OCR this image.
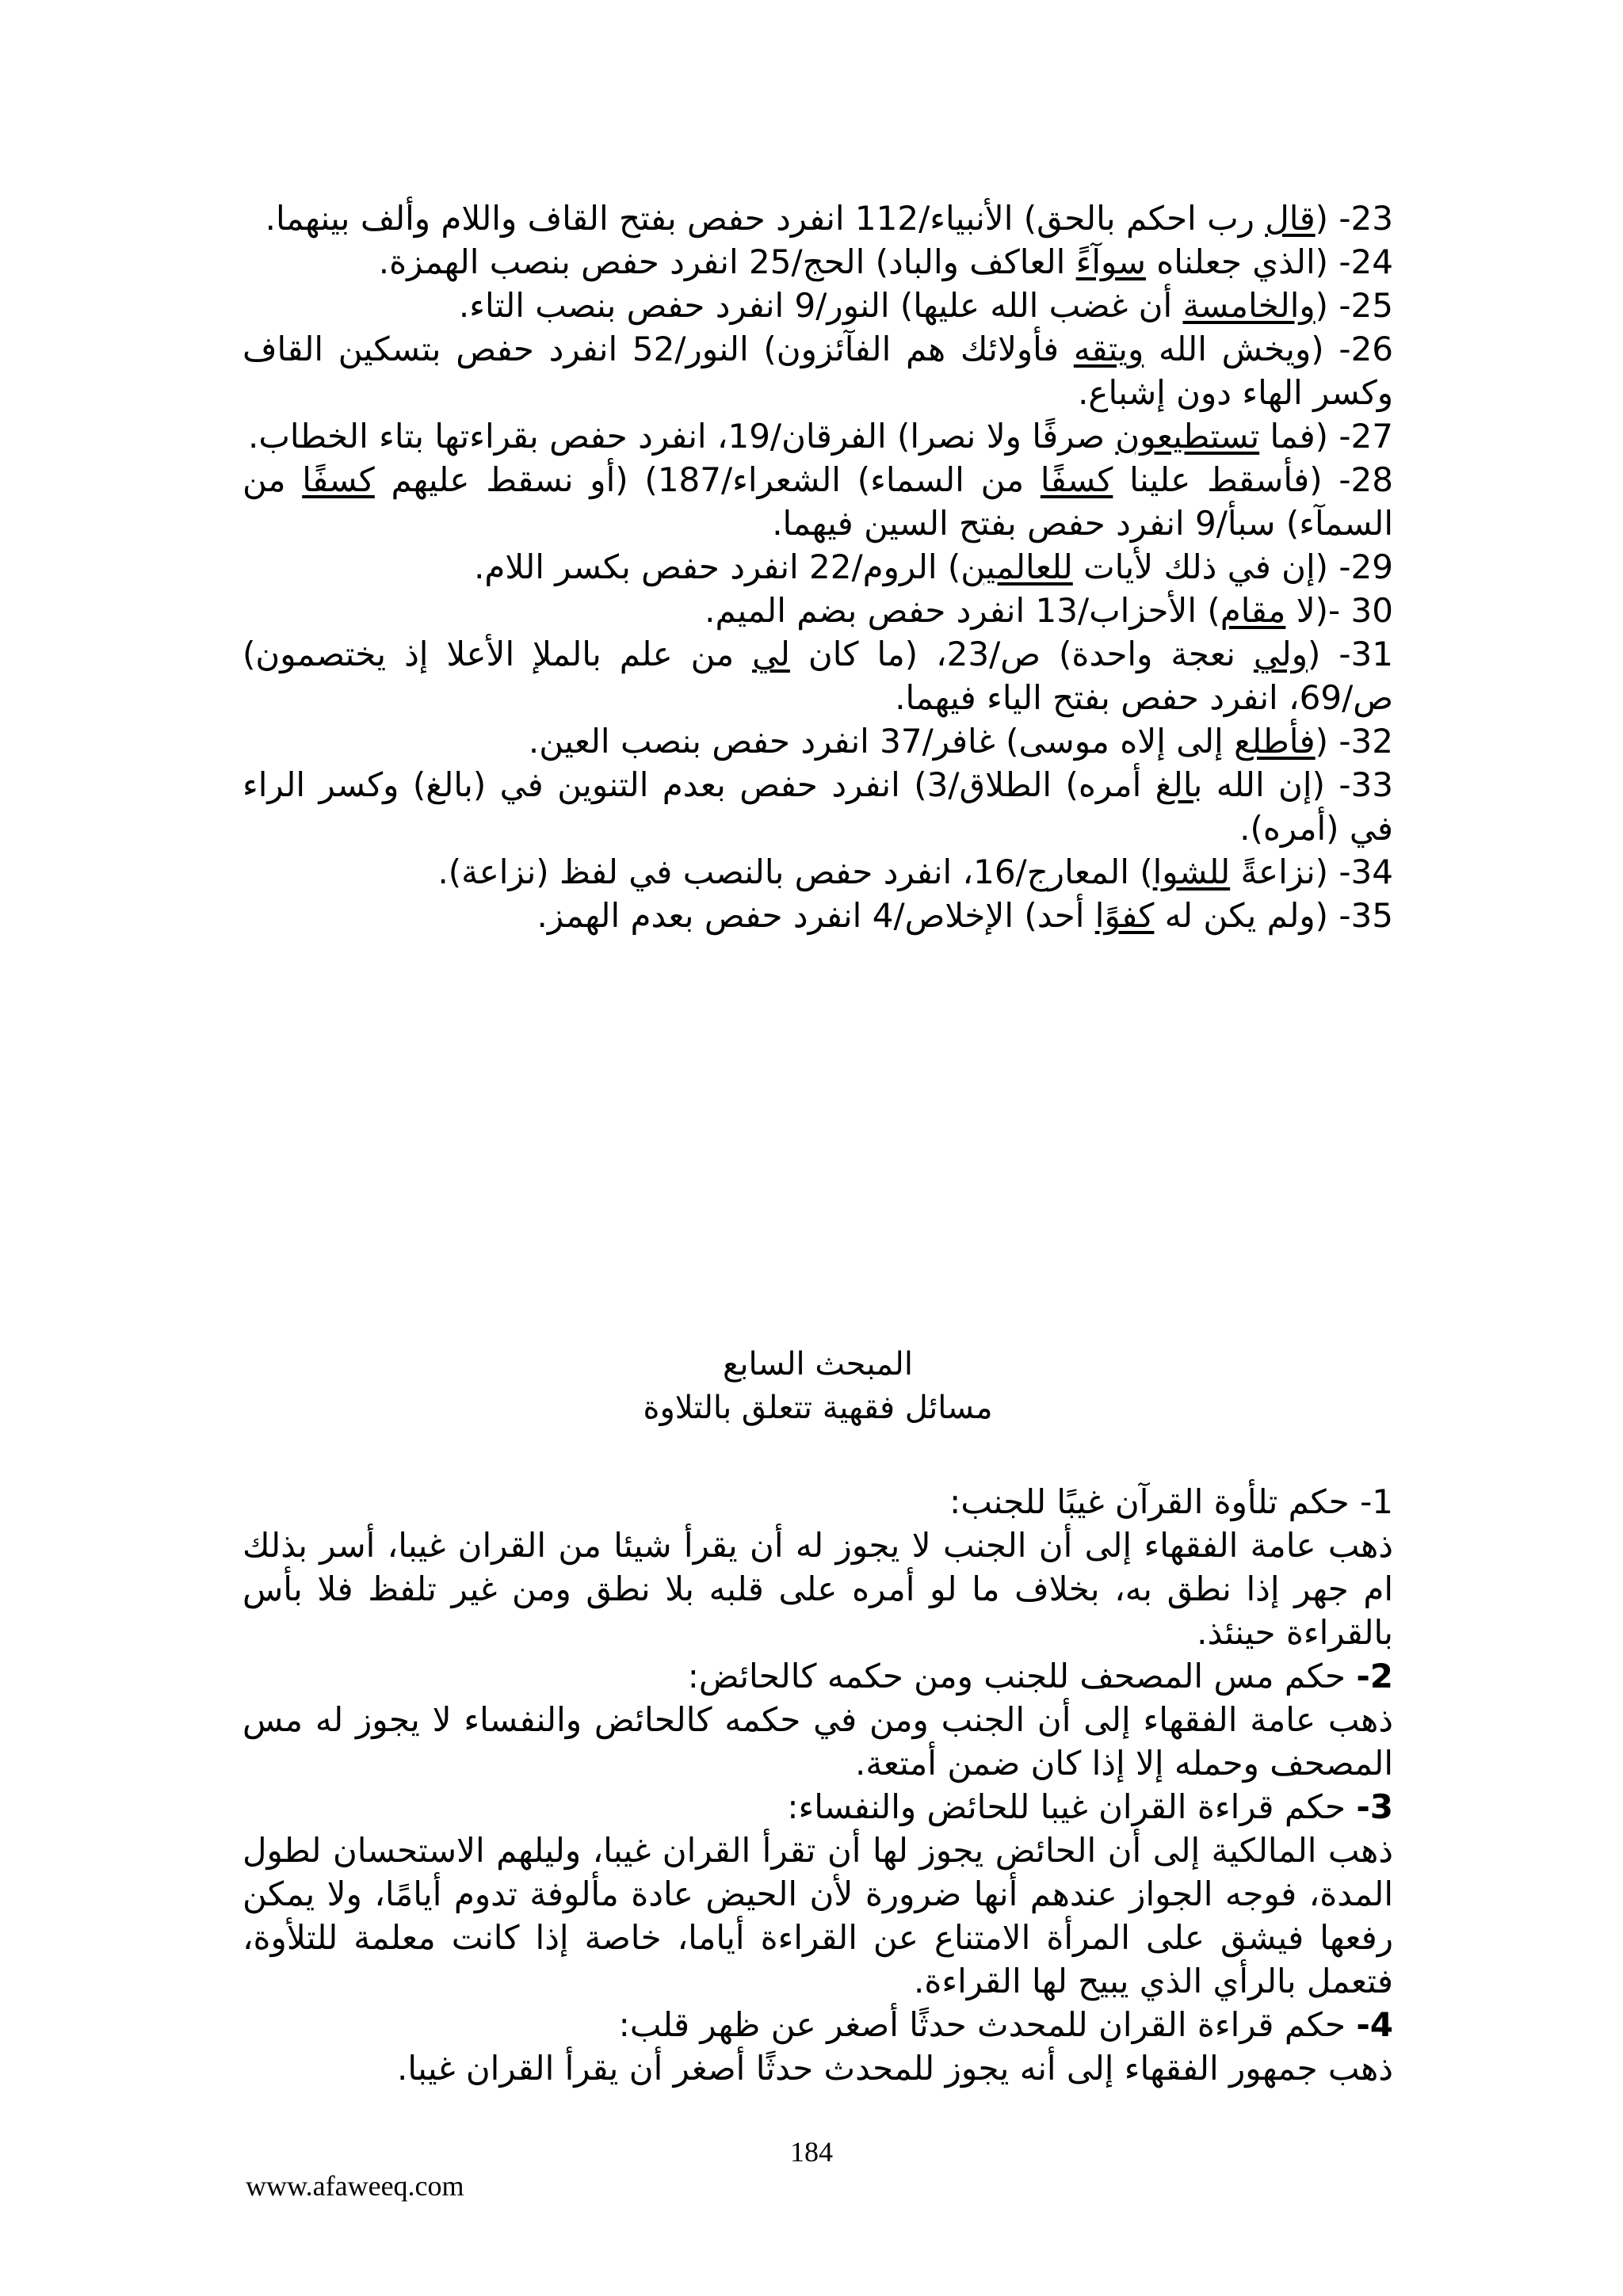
23- (قال رب احكم بالحق) الأنبياء/112 انفرد حفص بفتح القاف واللام وألف بينهما.

24- (الذي جعلناه سوآءً العاكف والباد) الحج/25 انفرد حفص بنصب الهمزة.

25- (والخامسة أن غضب الله عليها) النور/9 انفرد حفص بنصب التاء.

26- (ويخش الله ويتقه فأولائك هم الفآئزون) النور/52 انفرد حفص بتسكين القاف وكسر الهاء دون إشباع.

27- (فما تستطيعون صرفًا ولا نصرا) الفرقان/19، انفرد حفص بقراءتها بتاء الخطاب.

28- (فأسقط علينا كسفًا من السماء) الشعراء/187) (أو نسقط عليهم كسفًا من السمآء) سبأ/9 انفرد حفص بفتح السين فيهما.

29- (إن في ذلك لأيات للعالمين) الروم/22 انفرد حفص بكسر اللام.

30 -(لا مقام) الأحزاب/13 انفرد حفص بضم الميم.

31- (ولي نعجة واحدة) ص/23، (ما كان لي من علم بالملإ الأعلا إذ يختصمون) ص/69، انفرد حفص بفتح الياء فيهما.

32- (فأطلع إلى إلاه موسى) غافر/37 انفرد حفص بنصب العين.

33- (إن الله بالغ أمره) الطلاق/3) انفرد حفص بعدم التنوين في (بالغ) وكسر الراء في (أمره).

34- (نزاعةً للشوا) المعارج/16، انفرد حفص بالنصب في لفظ (نزاعة).

35- (ولم يكن له كفوًا أحد) الإخلاص/4 انفرد حفص بعدم الهمز.

المبحث السابع
مسائل فقهية تتعلق بالتلاوة

1- حكم تلأوة القرآن غيبًا للجنب:

ذهب عامة الفقهاء إلى أن الجنب لا يجوز له أن يقرأ شيئا من القران غيبا، أسر بذلك ام جهر إذا نطق به، بخلاف ما لو أمره على قلبه بلا نطق ومن غير تلفظ فلا بأس بالقراءة حينئذ.

2- حكم مس المصحف للجنب ومن حكمه كالحائض:

ذهب عامة الفقهاء إلى أن الجنب ومن في حكمه كالحائض والنفساء لا يجوز له مس المصحف وحمله إلا إذا كان ضمن أمتعة.

3- حكم قراءة القران غيبا للحائض والنفساء:

ذهب المالكية إلى أن الحائض يجوز لها أن تقرأ القران غيبا، وليلهم الاستحسان لطول المدة، فوجه الجواز عندهم أنها ضرورة لأن الحيض عادة مألوفة تدوم أيامًا، ولا يمكن رفعها فيشق على المرأة الامتناع عن القراءة أياما، خاصة إذا كانت معلمة للتلأوة، فتعمل بالرأي الذي يبيح لها القراءة.

4- حكم قراءة القران للمحدث حدثًا أصغر عن ظهر قلب:

ذهب جمهور الفقهاء إلى أنه يجوز للمحدث حدثًا أصغر أن يقرأ القران غيبا.

184
www.afaweeq.com
